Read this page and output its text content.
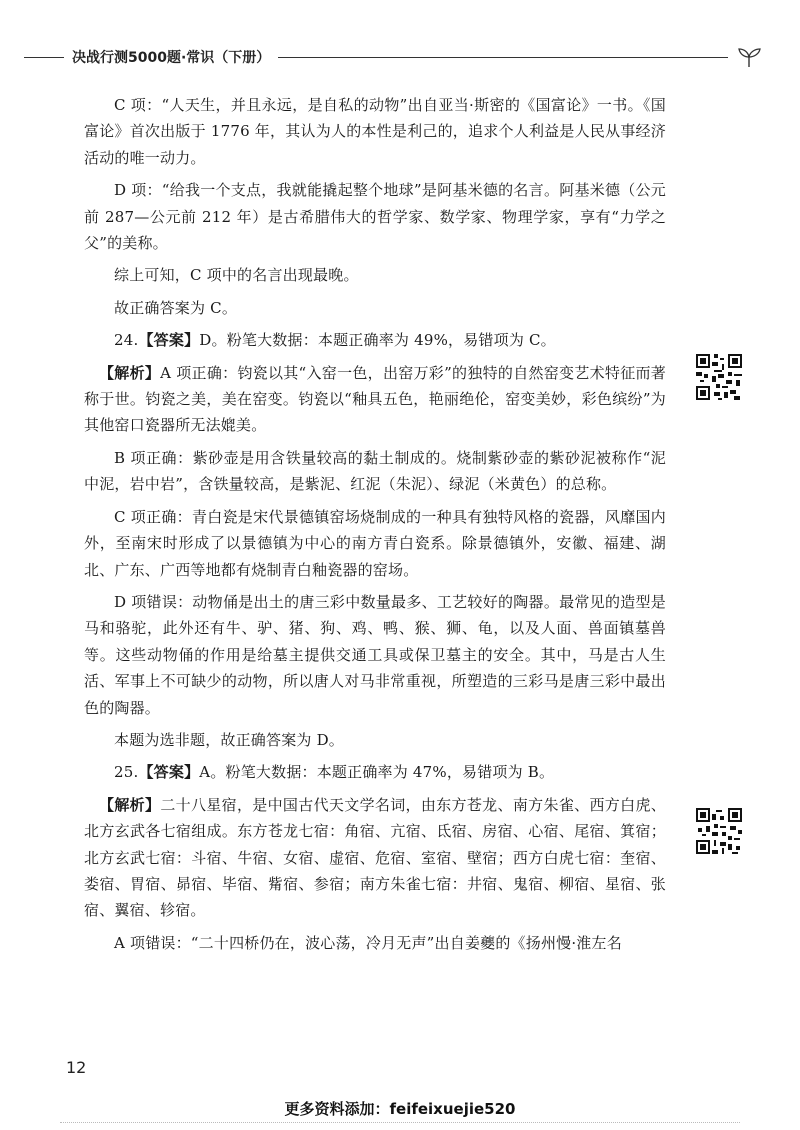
决战行测5000题·常识（下册）

C 项：“人天生，并且永远，是自私的动物”出自亚当·斯密的《国富论》一书。《国富论》首次出版于 1776 年，其认为人的本性是利己的，追求个人利益是人民从事经济活动的唯一动力。

D 项：“给我一个支点，我就能撬起整个地球”是阿基米德的名言。阿基米德（公元前 287—公元前 212 年）是古希腊伟大的哲学家、数学家、物理学家，享有“力学之父”的美称。

综上可知，C 项中的名言出现最晚。

故正确答案为 C。

24.【答案】D。粉笔大数据：本题正确率为 49%，易错项为 C。

【解析】A 项正确：钧瓷以其“入窑一色，出窑万彩”的独特的自然窑变艺术特征而著称于世。钧瓷之美，美在窑变。钧瓷以“釉具五色，艳丽绝伦，窑变美妙，彩色缤纷”为其他窑口瓷器所无法媲美。

B 项正确：紫砂壶是用含铁量较高的黏土制成的。烧制紫砂壶的紫砂泥被称作“泥中泥，岩中岩”，含铁量较高，是紫泥、红泥（朱泥）、绿泥（米黄色）的总称。

C 项正确：青白瓷是宋代景德镇窑场烧制成的一种具有独特风格的瓷器，风靡国内外，至南宋时形成了以景德镇为中心的南方青白瓷系。除景德镇外，安徽、福建、湖北、广东、广西等地都有烧制青白釉瓷器的窑场。

D 项错误：动物俑是出土的唐三彩中数量最多、工艺较好的陶器。最常见的造型是马和骆驼，此外还有牛、驴、猪、狗、鸡、鸭、猴、狮、龟，以及人面、兽面镇墓兽等。这些动物俑的作用是给墓主提供交通工具或保卫墓主的安全。其中，马是古人生活、军事上不可缺少的动物，所以唐人对马非常重视，所塑造的三彩马是唐三彩中最出色的陶器。

本题为选非题，故正确答案为 D。

25.【答案】A。粉笔大数据：本题正确率为 47%，易错项为 B。

【解析】二十八星宿，是中国古代天文学名词，由东方苍龙、南方朱雀、西方白虎、北方玄武各七宿组成。东方苍龙七宿：角宿、亢宿、氐宿、房宿、心宿、尾宿、箕宿；北方玄武七宿：斗宿、牛宿、女宿、虚宿、危宿、室宿、壁宿；西方白虎七宿：奎宿、娄宿、胃宿、昴宿、毕宿、觜宿、参宿；南方朱雀七宿：井宿、鬼宿、柳宿、星宿、张宿、翼宿、轸宿。

A 项错误：“二十四桥仍在，波心荡，冷月无声”出自姜夔的《扬州慢·淮左名

12
更多资料添加：feifeixuejie520
